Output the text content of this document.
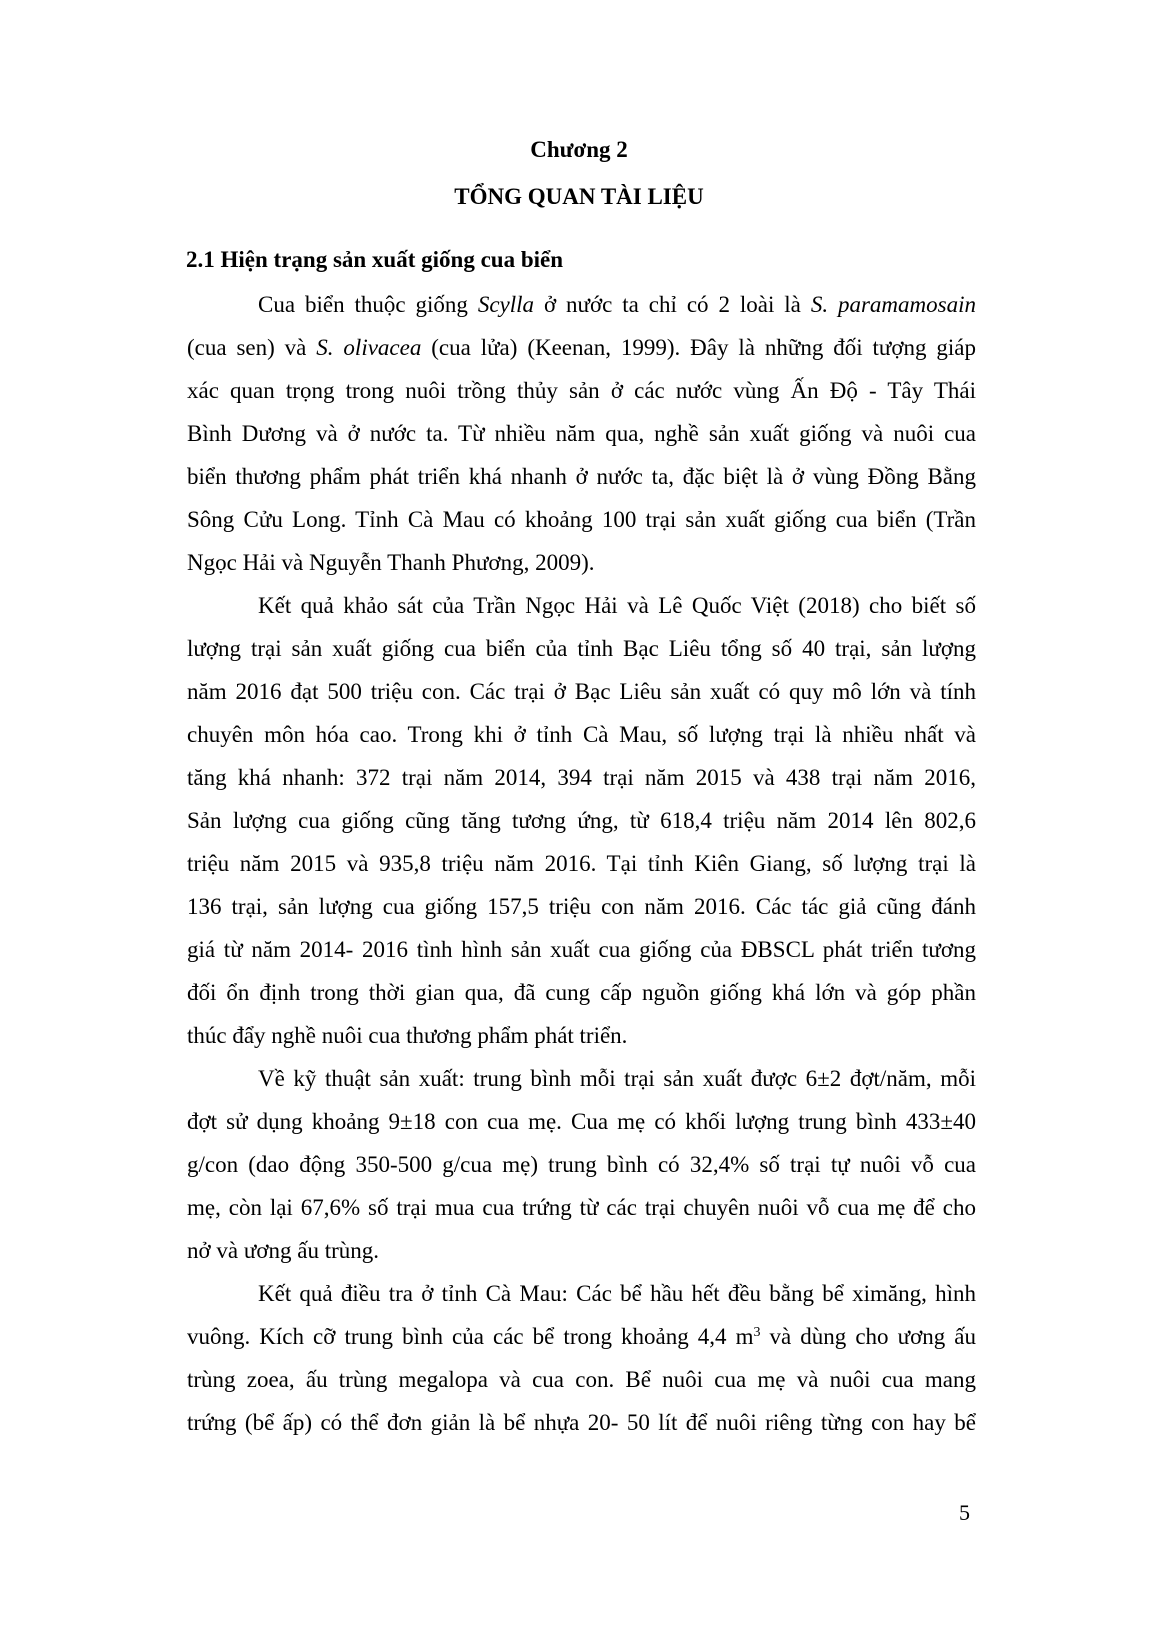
Chương 2
TỔNG QUAN TÀI LIỆU
2.1 Hiện trạng sản xuất giống cua biển

Cua biển thuộc giống Scylla ở nước ta chỉ có 2 loài là S. paramamosain

(cua sen) và S. olivacea (cua lửa) (Keenan, 1999). Đây là những đối tượng giáp

xác quan trọng trong nuôi trồng thủy sản ở các nước vùng Ấn Độ - Tây Thái

Bình Dương và ở nước ta. Từ nhiều năm qua, nghề sản xuất giống và nuôi cua

biển thương phẩm phát triển khá nhanh ở nước ta, đặc biệt là ở vùng Đồng Bằng

Sông Cửu Long. Tỉnh Cà Mau có khoảng 100 trại sản xuất giống cua biển (Trần

Ngọc Hải và Nguyễn Thanh Phương, 2009).

Kết quả khảo sát của Trần Ngọc Hải và Lê Quốc Việt (2018) cho biết số

lượng trại sản xuất giống cua biển của tỉnh Bạc Liêu tổng số 40 trại, sản lượng

năm 2016 đạt 500 triệu con. Các trại ở Bạc Liêu sản xuất có quy mô lớn và tính

chuyên môn hóa cao. Trong khi ở tỉnh Cà Mau, số lượng trại là nhiều nhất và

tăng khá nhanh: 372 trại năm 2014, 394 trại năm 2015 và 438 trại năm 2016,

Sản lượng cua giống cũng tăng tương ứng, từ 618,4 triệu năm 2014 lên 802,6

triệu năm 2015 và 935,8 triệu năm 2016. Tại tỉnh Kiên Giang, số lượng trại là

136 trại, sản lượng cua giống 157,5 triệu con năm 2016. Các tác giả cũng đánh

giá từ năm 2014- 2016 tình hình sản xuất cua giống của ĐBSCL phát triển tương

đối ổn định trong thời gian qua, đã cung cấp nguồn giống khá lớn và góp phần

thúc đẩy nghề nuôi cua thương phẩm phát triển.

Về kỹ thuật sản xuất: trung bình mỗi trại sản xuất được 6±2 đợt/năm, mỗi

đợt sử dụng khoảng 9±18 con cua mẹ. Cua mẹ có khối lượng trung bình 433±40

g/con (dao động 350-500 g/cua mẹ) trung bình có 32,4% số trại tự nuôi vỗ cua

mẹ, còn lại 67,6% số trại mua cua trứng từ các trại chuyên nuôi vỗ cua mẹ để cho

nở và ương ấu trùng.

Kết quả điều tra ở tỉnh Cà Mau: Các bể hầu hết đều bằng bể ximăng, hình

vuông. Kích cỡ trung bình của các bể trong khoảng 4,4 $m^3$ và dùng cho ương ấu

trùng zoea, ấu trùng megalopa và cua con. Bể nuôi cua mẹ và nuôi cua mang

trứng (bể ấp) có thể đơn giản là bể nhựa 20- 50 lít để nuôi riêng từng con hay bể

5
